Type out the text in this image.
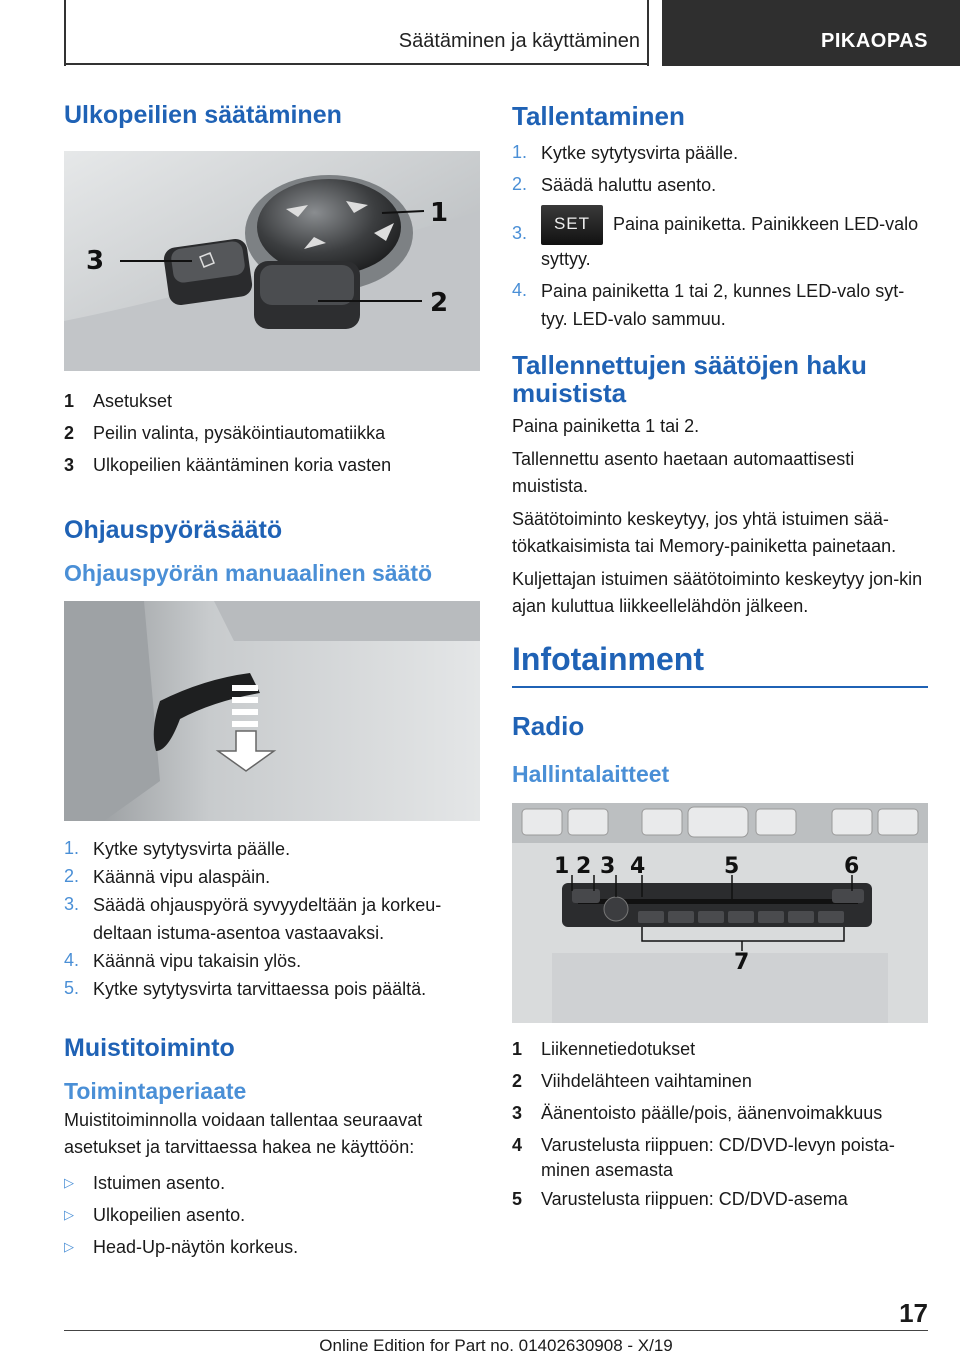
Säätäminen ja käyttäminen	PIKAOPAS
Ulkopeilien säätäminen
1
2
3
1	Asetukset
2	Peilin valinta, pysäköintiautomatiikka
3	Ulkopeilien kääntäminen koria vasten
Ohjauspyöräsäätö
Ohjauspyörän manuaalinen säätö
1. Kytke sytytysvirta päälle.
2. Käännä vipu alaspäin.
3. Säädä ohjauspyörä syvyydeltään ja korkeu-deltaan istuma-asentoa vastaavaksi.
4. Käännä vipu takaisin ylös.
5. Kytke sytytysvirta tarvittaessa pois päältä.
Muistitoiminto
Toimintaperiaate
Muistitoiminnolla voidaan tallentaa seuraavat asetukset ja tarvittaessa hakea ne käyttöön:
▷	Istuimen asento.
▷	Ulkopeilien asento.
▷	Head-Up-näytön korkeus.
Tallentaminen
1. Kytke sytytysvirta päälle.
2. Säädä haluttu asento.
3.	SET Paina painiketta. Painikkeen LED-valo syttyy.
4. Paina painiketta 1 tai 2, kunnes LED-valo syt-tyy. LED-valo sammuu.
Tallennettujen säätöjen haku muistista
Paina painiketta 1 tai 2.
Tallennettu asento haetaan automaattisesti muistista.
Säätötoiminto keskeytyy, jos yhtä istuimen sää-tökatkaisimista tai Memory-painiketta painetaan.
Kuljettajan istuimen säätötoiminto keskeytyy jon-kin ajan kuluttua liikkeellelähdön jälkeen.
Infotainment
Radio
Hallintalaitteet
1 2 3 4	5	6
7
1	Liikennetiedotukset
2	Viihdelähteen vaihtaminen
3	Äänentoisto päälle/pois, äänenvoimakkuus
4	Varustelusta riippuen: CD/DVD-levyn poista-minen asemasta
5	Varustelusta riippuen: CD/DVD-asema
17
Online Edition for Part no. 01402630908 - X/19
